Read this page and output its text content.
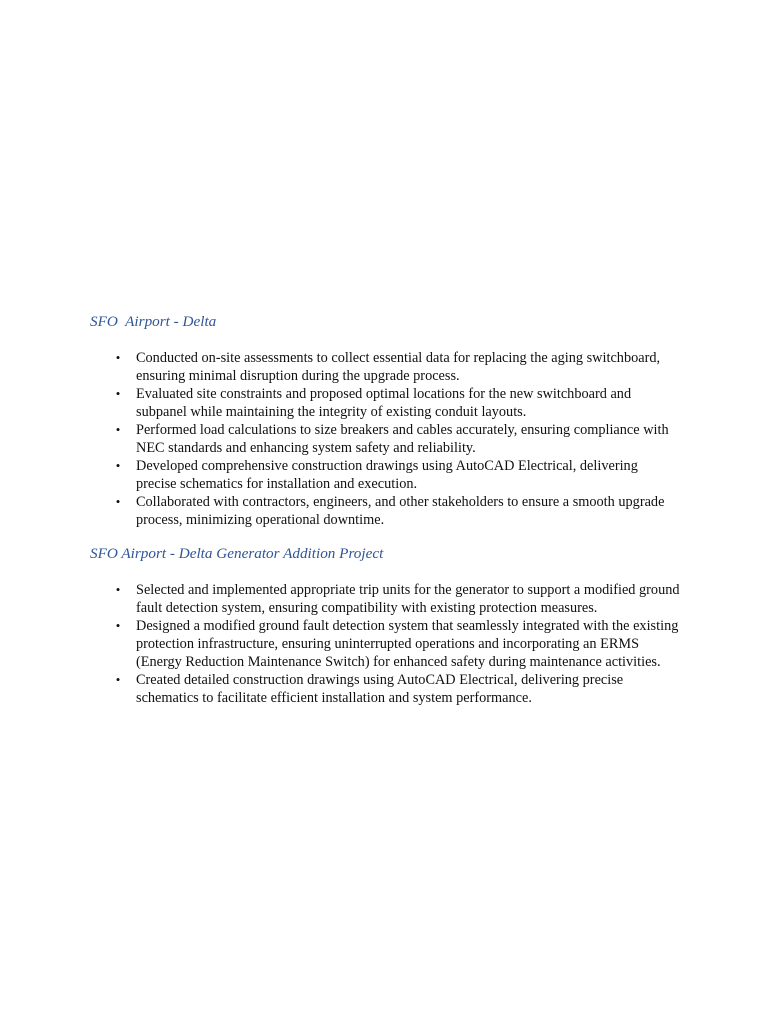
SFO  Airport - Delta
• Conducted on-site assessments to collect essential data for replacing the aging switchboard, ensuring minimal disruption during the upgrade process.
• Evaluated site constraints and proposed optimal locations for the new switchboard and subpanel while maintaining the integrity of existing conduit layouts.
• Performed load calculations to size breakers and cables accurately, ensuring compliance with NEC standards and enhancing system safety and reliability.
• Developed comprehensive construction drawings using AutoCAD Electrical, delivering precise schematics for installation and execution.
• Collaborated with contractors, engineers, and other stakeholders to ensure a smooth upgrade process, minimizing operational downtime.
SFO Airport - Delta Generator Addition Project
• Selected and implemented appropriate trip units for the generator to support a modified ground fault detection system, ensuring compatibility with existing protection measures.
• Designed a modified ground fault detection system that seamlessly integrated with the existing protection infrastructure, ensuring uninterrupted operations and incorporating an ERMS (Energy Reduction Maintenance Switch) for enhanced safety during maintenance activities.
• Created detailed construction drawings using AutoCAD Electrical, delivering precise schematics to facilitate efficient installation and system performance.
